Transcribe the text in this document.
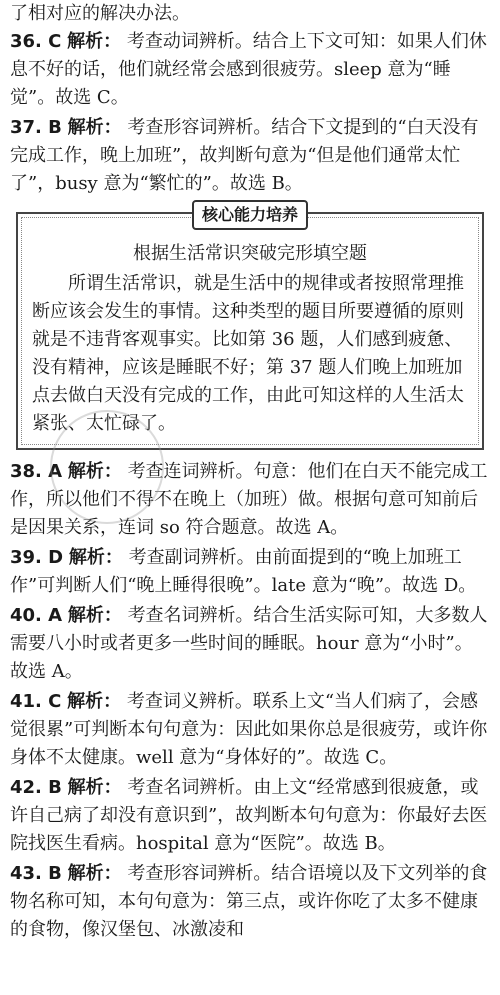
了相对应的解决办法。

36. C 解析： 考查动词辨析。结合上下文可知：如果人们休息不好的话，他们就经常会感到很疲劳。sleep 意为“睡觉”。故选 C。

37. B 解析： 考查形容词辨析。结合下文提到的“白天没有完成工作，晚上加班”，故判断句意为“但是他们通常太忙了”，busy 意为“繁忙的”。故选 B。

核心能力培养

根据生活常识突破完形填空题

所谓生活常识，就是生活中的规律或者按照常理推断应该会发生的事情。这种类型的题目所要遵循的原则就是不违背客观事实。比如第 36 题，人们感到疲惫、没有精神，应该是睡眠不好；第 37 题人们晚上加班加点去做白天没有完成的工作，由此可知这样的人生活太紧张、太忙碌了。

38. A 解析： 考查连词辨析。句意：他们在白天不能完成工作，所以他们不得不在晚上（加班）做。根据句意可知前后是因果关系，连词 so 符合题意。故选 A。

39. D 解析： 考查副词辨析。由前面提到的“晚上加班工作”可判断人们“晚上睡得很晚”。late 意为“晚”。故选 D。

40. A 解析： 考查名词辨析。结合生活实际可知，大多数人需要八小时或者更多一些时间的睡眠。hour 意为“小时”。故选 A。

41. C 解析： 考查词义辨析。联系上文“当人们病了，会感觉很累”可判断本句句意为：因此如果你总是很疲劳，或许你身体不太健康。well 意为“身体好的”。故选 C。

42. B 解析： 考查名词辨析。由上文“经常感到很疲惫，或许自己病了却没有意识到”，故判断本句句意为：你最好去医院找医生看病。hospital 意为“医院”。故选 B。

43. B 解析： 考查形容词辨析。结合语境以及下文列举的食物名称可知，本句句意为：第三点，或许你吃了太多不健康的食物，像汉堡包、冰激凌和
